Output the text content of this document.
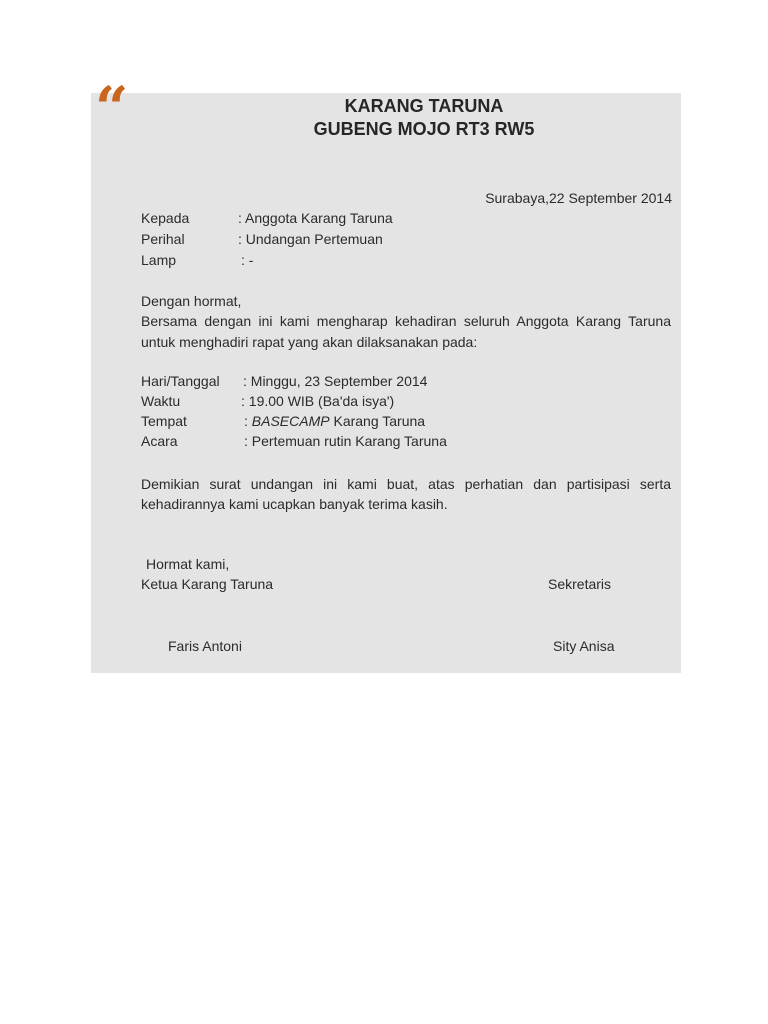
“	KARANG TARUNA
GUBENG MOJO RT3 RW5
Surabaya,22 September 2014
Kepada	: Anggota Karang Taruna
Perihal	: Undangan Pertemuan
Lamp	: -
Dengan hormat,
Bersama dengan ini kami mengharap kehadiran seluruh Anggota Karang Taruna
untuk menghadiri rapat yang akan dilaksanakan pada:
Hari/Tanggal : Minggu, 23 September 2014
Waktu	: 19.00 WIB (Ba'da isya')
Tempat	: BASECAMP Karang Taruna
Acara	: Pertemuan rutin Karang Taruna
Demikian surat undangan ini kami buat, atas perhatian dan partisipasi serta
kehadirannya kami ucapkan banyak terima kasih.
Hormat kami,
Ketua Karang Taruna	Sekretaris
Faris Antoni	Sity Anisa
